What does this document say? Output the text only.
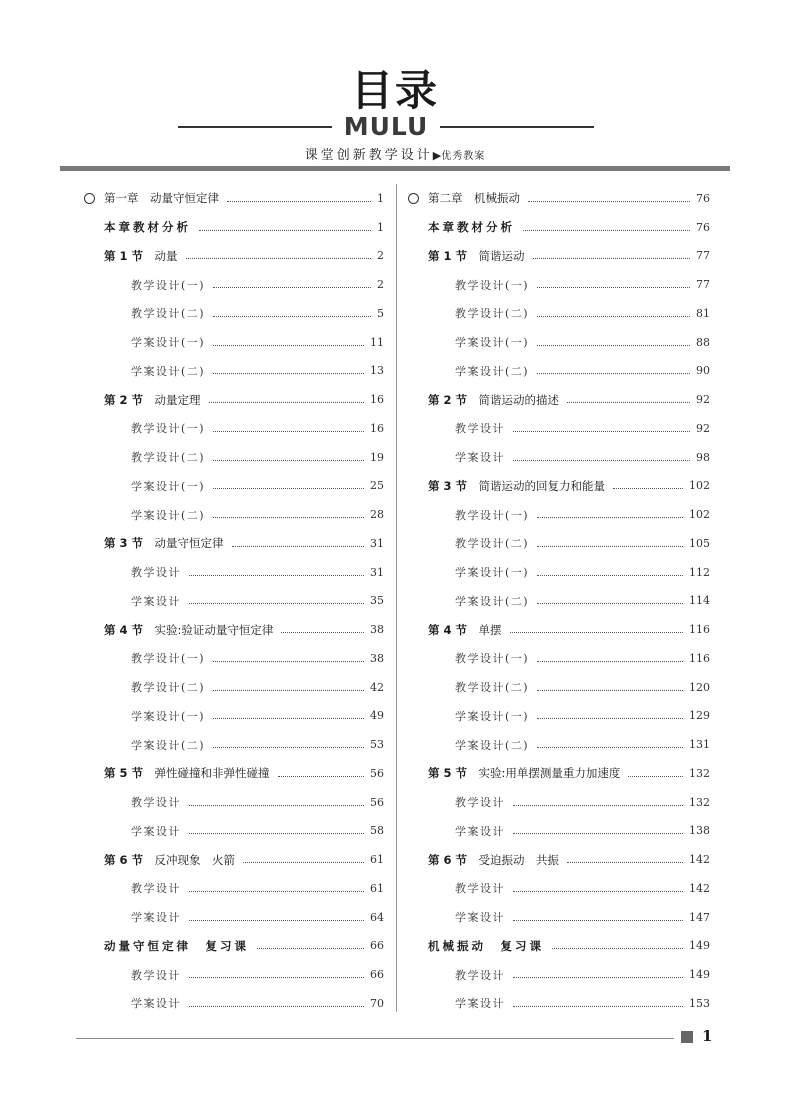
目录
MULU
课堂创新教学设计▶优秀教案
第一章　动量守恒定律	1
本章教材分析	1
第 1 节  动量	2
教学设计(一)	2
教学设计(二)	5
学案设计(一)	11
学案设计(二)	13
第 2 节  动量定理	16
教学设计(一)	16
教学设计(二)	19
学案设计(一)	25
学案设计(二)	28
第 3 节  动量守恒定律	31
教学设计	31
学案设计	35
第 4 节  实验:验证动量守恒定律	38
教学设计(一)	38
教学设计(二)	42
学案设计(一)	49
学案设计(二)	53
第 5 节  弹性碰撞和非弹性碰撞	56
教学设计	56
学案设计	58
第 6 节  反冲现象　火箭	61
教学设计	61
学案设计	64
动量守恒定律　复习课	66
教学设计	66
学案设计	70
第二章　机械振动	76
本章教材分析	76
第 1 节  简谐运动	77
教学设计(一)	77
教学设计(二)	81
学案设计(一)	88
学案设计(二)	90
第 2 节  简谐运动的描述	92
教学设计	92
学案设计	98
第 3 节  简谐运动的回复力和能量	102
教学设计(一)	102
教学设计(二)	105
学案设计(一)	112
学案设计(二)	114
第 4 节  单摆	116
教学设计(一)	116
教学设计(二)	120
学案设计(一)	129
学案设计(二)	131
第 5 节  实验:用单摆测量重力加速度	132
教学设计	132
学案设计	138
第 6 节  受迫振动　共振	142
教学设计	142
学案设计	147
机械振动　复习课	149
教学设计	149
学案设计	153
1
